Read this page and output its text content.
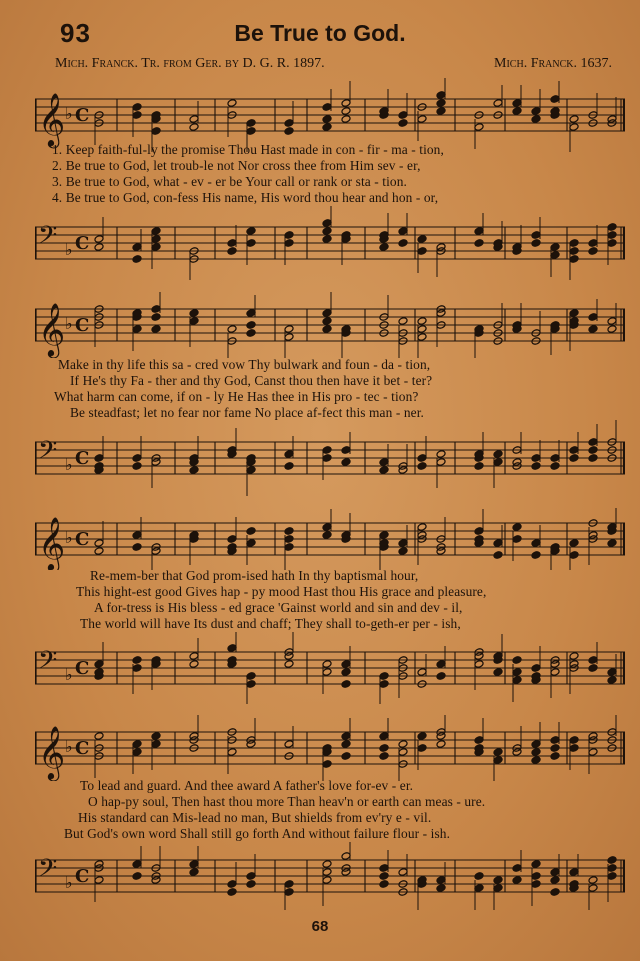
93	Be True to God.
Mich. Franck. Tr. from Ger. by D. G. R. 1897.	Mich. Franck. 1637.
𝄞 ♭ C
1. Keep faith-ful-ly the promise Thou Hast made in con - fir - ma - tion,
2. Be true to God, let troub-le not Nor cross thee from Him sev - er,
3. Be true to God, what - ev - er be Your call or rank or sta - tion.
4. Be true to God, con-fess His name, His word thou hear and hon - or,
𝄢 ♭ C
𝄞 ♭ C
Make in thy life this sa - cred vow Thy bulwark and foun - da - tion,
If He's thy Fa - ther and thy God, Canst thou then have it bet - ter?
What harm can come, if on - ly He Has thee in His pro - tec - tion?
Be steadfast; let no fear nor fame No place af-fect this man - ner.
𝄢 ♭ C
𝄞 ♭ C
Re-mem-ber that God prom-ised hath In thy baptismal hour,
This hight-est good Gives hap - py mood Hast thou His grace and pleasure,
A for-tress is His bless - ed grace 'Gainst world and sin and dev - il,
The world will have Its dust and chaff; They shall to-geth-er per - ish,
𝄢 ♭ C
𝄞 ♭ C
To lead and guard. And thee award A father's love for-ev - er.
O hap-py soul, Then hast thou more Than heav'n or earth can meas - ure.
His standard can Mis-lead no man, But shields from ev'ry e - vil.
But God's own word Shall still go forth And without failure flour - ish.
𝄢 ♭ C
68
